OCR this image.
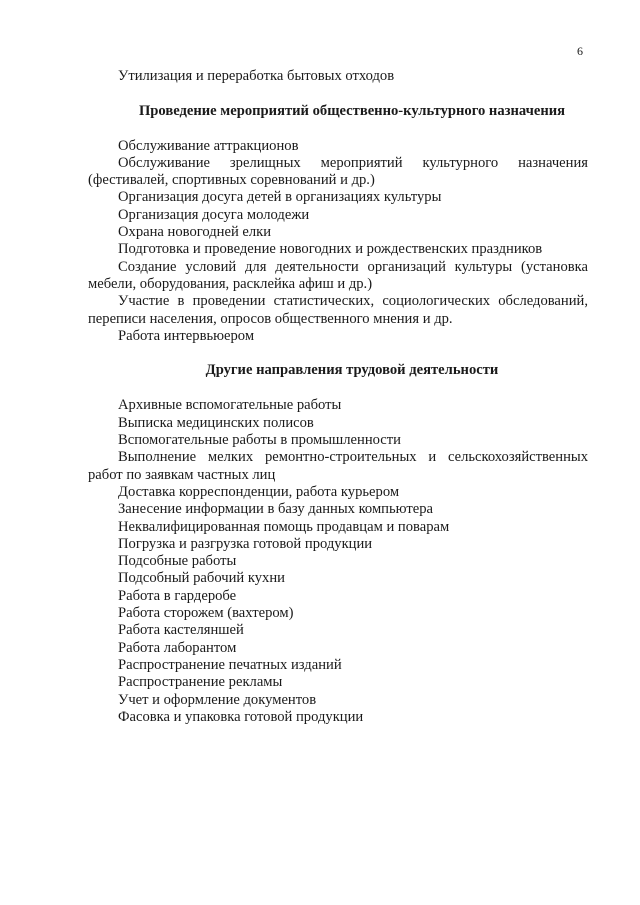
6

Утилизация и переработка бытовых отходов

Проведение мероприятий общественно-культурного назначения

Обслуживание аттракционов

Обслуживание зрелищных мероприятий культурного назначения (фестивалей, спортивных соревнований и др.)

Организация досуга детей в организациях культуры

Организация досуга молодежи

Охрана новогодней елки

Подготовка и проведение новогодних и рождественских праздников

Создание условий для деятельности организаций культуры (установка мебели, оборудования, расклейка афиш и др.)

Участие в проведении статистических, социологических обследований, переписи населения, опросов общественного мнения и др.

Работа интервьюером

Другие направления трудовой деятельности

Архивные вспомогательные работы

Выписка медицинских полисов

Вспомогательные работы в промышленности

Выполнение мелких ремонтно-строительных и сельскохозяйственных работ по заявкам частных лиц

Доставка корреспонденции, работа курьером

Занесение информации в базу данных компьютера

Неквалифицированная помощь продавцам и поварам

Погрузка и разгрузка готовой продукции

Подсобные работы

Подсобный рабочий кухни

Работа в гардеробе

Работа сторожем (вахтером)

Работа кастеляншей

Работа лаборантом

Распространение печатных изданий

Распространение рекламы

Учет и оформление документов

Фасовка и упаковка готовой продукции
